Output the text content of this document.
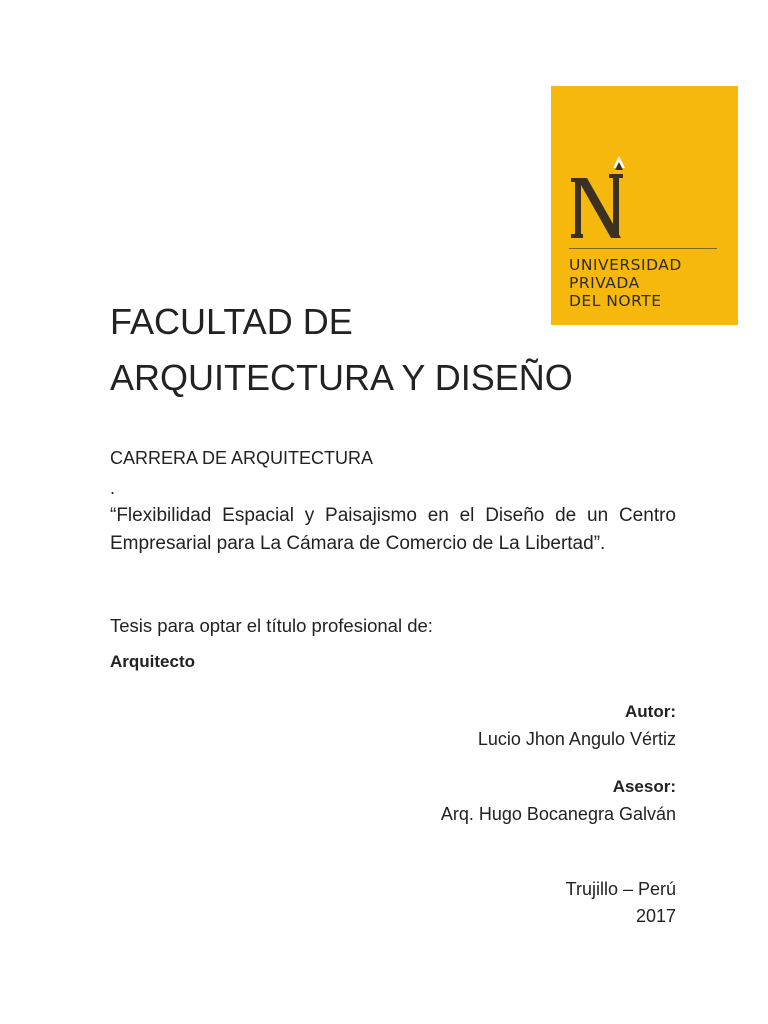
UNIVERSIDAD
PRIVADA
DEL NORTE
FACULTAD DE
ARQUITECTURA Y DISEÑO
CARRERA DE ARQUITECTURA
.

“Flexibilidad Espacial y Paisajismo en el Diseño de un Centro Empresarial para La Cámara de Comercio de La Libertad”.

Tesis para optar el título profesional de:
Arquitecto
Autor:
Lucio Jhon Angulo Vértiz
Asesor:
Arq. Hugo Bocanegra Galván
Trujillo – Perú
2017
